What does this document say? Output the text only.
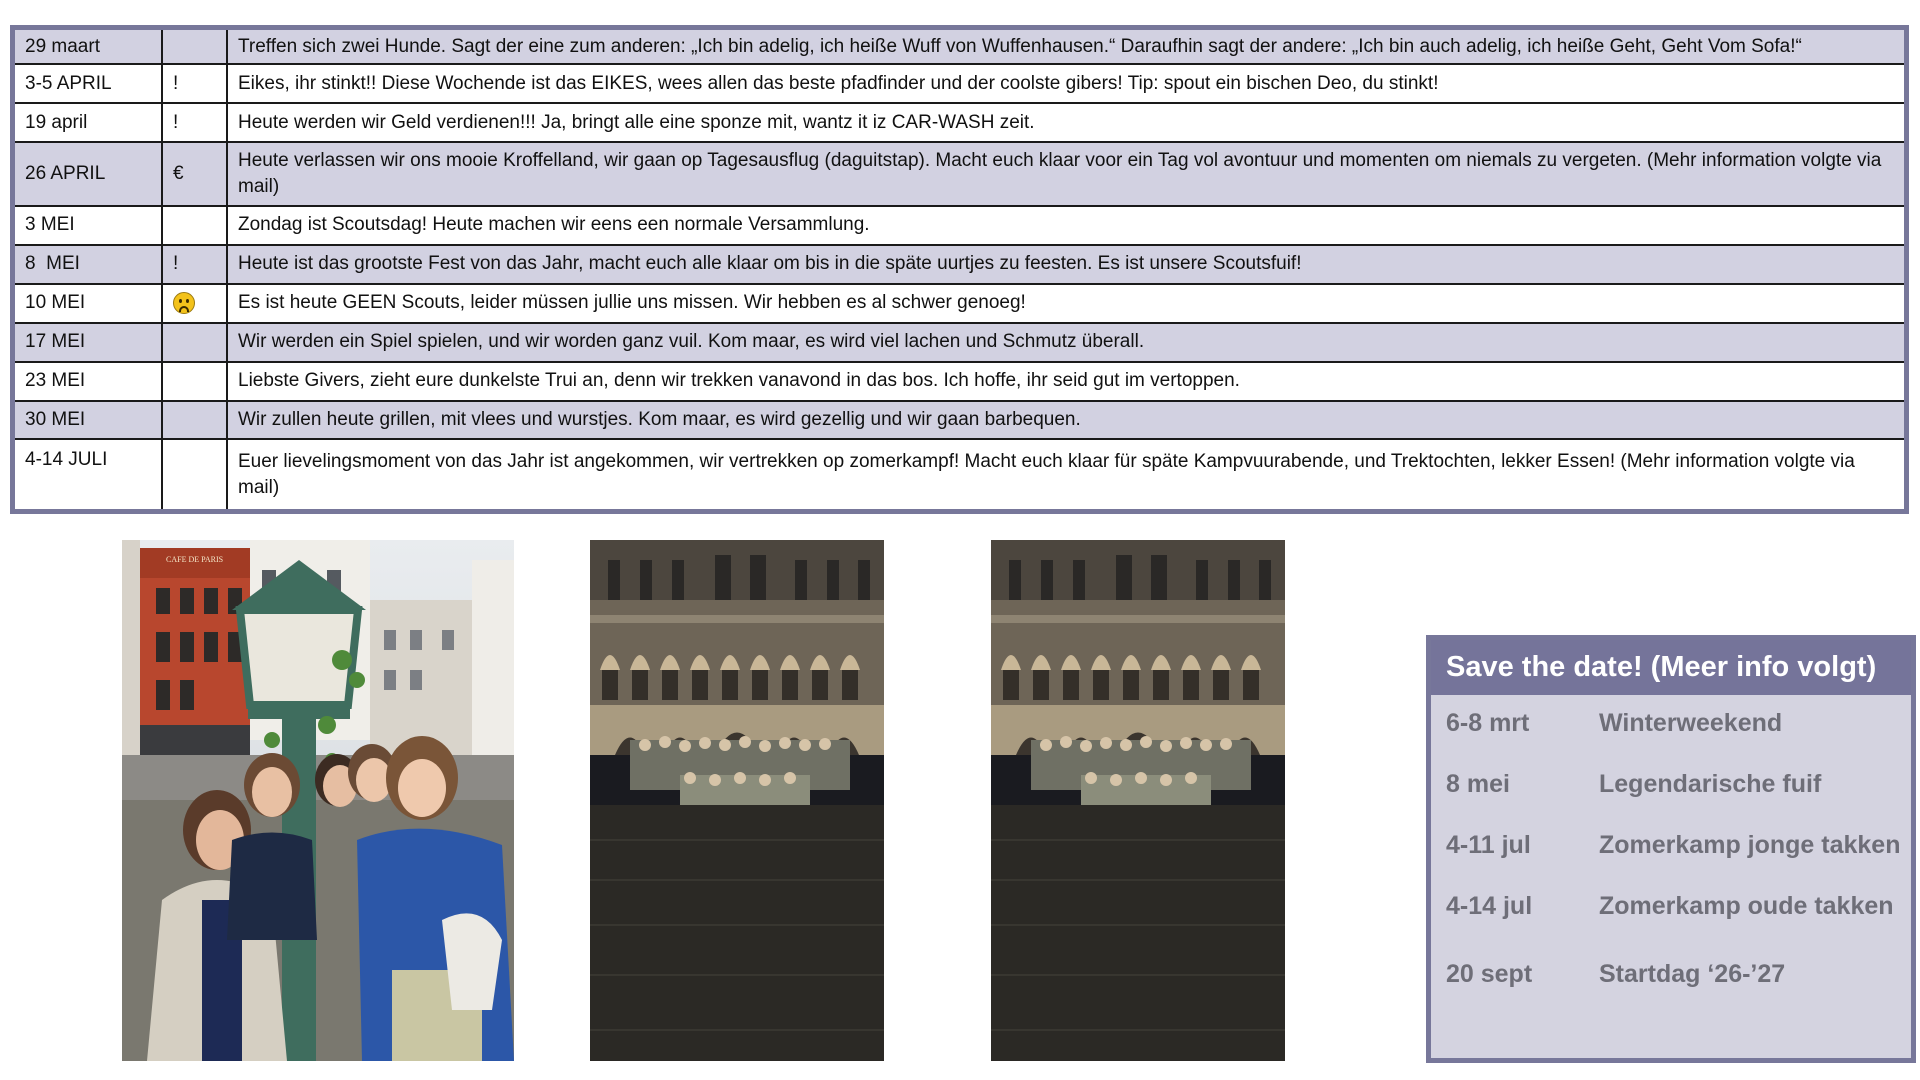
29 maart		Treffen sich zwei Hunde. Sagt der eine zum anderen: „Ich bin adelig, ich heiße Wuff von Wuffenhausen.“ Daraufhin sagt der andere: „Ich bin auch adelig, ich heiße Geht, Geht Vom Sofa!“
3-5 APRIL	!	Eikes, ihr stinkt!! Diese Wochende ist das EIKES, wees allen das beste pfadfinder und der coolste gibers! Tip: spout ein bischen Deo, du stinkt!
19 april	!	Heute werden wir Geld verdienen!!! Ja, bringt alle eine sponze mit, wantz it iz CAR-WASH zeit.
26 APRIL	€	Heute verlassen wir ons mooie Kroffelland, wir gaan op Tagesausflug (daguitstap). Macht euch klaar voor ein Tag vol avontuur und momenten om niemals zu vergeten. (Mehr information volgte via mail)
3 MEI		Zondag ist Scoutsdag! Heute machen wir eens een normale Versammlung.
8  MEI	!	Heute ist das grootste Fest von das Jahr, macht euch alle klaar om bis in die späte uurtjes zu feesten. Es ist unsere Scoutsfuif!
10 MEI		Es ist heute GEEN Scouts, leider müssen jullie uns missen. Wir hebben es al schwer genoeg!
17 MEI		Wir werden ein Spiel spielen, und wir worden ganz vuil. Kom maar, es wird viel lachen und Schmutz überall.
23 MEI		Liebste Givers, zieht eure dunkelste Trui an, denn wir trekken vanavond in das bos. Ich hoffe, ihr seid gut im vertoppen.
30 MEI		Wir zullen heute grillen, mit vlees und wurstjes. Kom maar, es wird gezellig und wir gaan barbequen.
4-14 JULI		Euer lievelingsmoment von das Jahr ist angekommen, wir vertrekken op zomerkampf! Macht euch klaar für späte Kampvuurabende, und Trektochten, lekker Essen! (Mehr information volgte via mail)
CAFE DE PARIS
Save the date! (Meer info volgt)
6-8 mrt	Winterweekend
8 mei	Legendarische fuif
4-11 jul	Zomerkamp jonge takken
4-14 jul	Zomerkamp oude takken
20 sept	Startdag ‘26-’27
